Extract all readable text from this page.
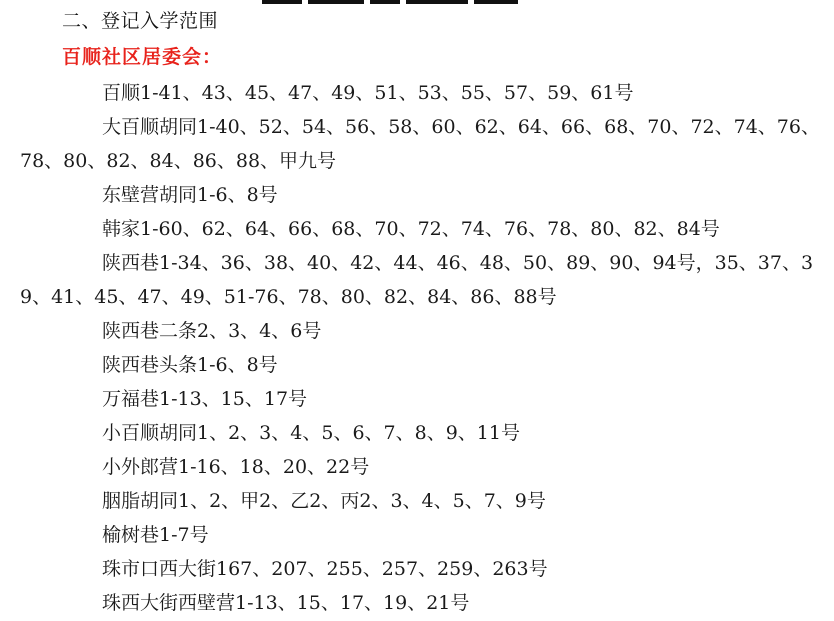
二、登记入学范围
百顺社区居委会：
百顺1-41、43、45、47、49、51、53、55、57、59、61号
大百顺胡同1-40、52、54、56、58、60、62、64、66、68、70、72、74、76、78、80、82、84、86、88、甲九号
东壁营胡同1-6、8号
韩家1-60、62、64、66、68、70、72、74、76、78、80、82、84号
陕西巷1-34、36、38、40、42、44、46、48、50、89、90、94号，35、37、39、41、45、47、49、51-76、78、80、82、84、86、88号
陕西巷二条2、3、4、6号
陕西巷头条1-6、8号
万福巷1-13、15、17号
小百顺胡同1、2、3、4、5、6、7、8、9、11号
小外郎营1-16、18、20、22号
胭脂胡同1、2、甲2、乙2、丙2、3、4、5、7、9号
榆树巷1-7号
珠市口西大街167、207、255、257、259、263号
珠西大街西壁营1-13、15、17、19、21号
